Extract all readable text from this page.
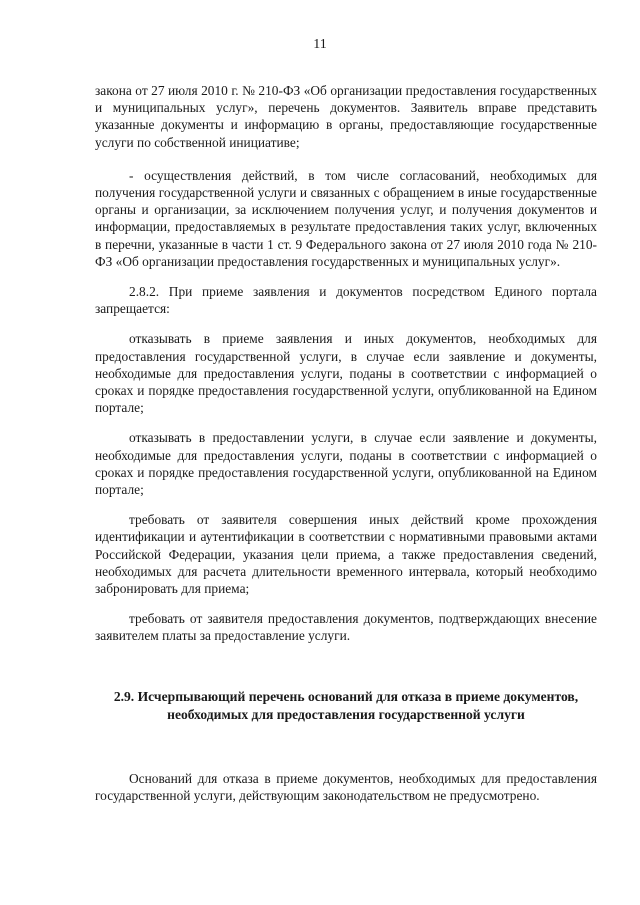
11

закона от 27 июля 2010 г. № 210-ФЗ «Об организации предоставления государственных и муниципальных услуг», перечень документов. Заявитель вправе представить указанные документы и информацию в органы, предоставляющие государственные услуги по собственной инициативе;

- осуществления действий, в том числе согласований, необходимых для получения государственной услуги и связанных с обращением в иные государственные органы и организации, за исключением получения услуг, и получения документов и информации, предоставляемых в результате предоставления таких услуг, включенных в перечни, указанные в части 1 ст. 9 Федерального закона от 27 июля 2010 года № 210-ФЗ «Об организации предоставления государственных и муниципальных услуг».

2.8.2. При приеме заявления и документов посредством Единого портала запрещается:

отказывать в приеме заявления и иных документов, необходимых для предоставления государственной услуги, в случае если заявление и документы, необходимые для предоставления услуги, поданы в соответствии с информацией о сроках и порядке предоставления государственной услуги, опубликованной на Едином портале;

отказывать в предоставлении услуги, в случае если заявление и документы, необходимые для предоставления услуги, поданы в соответствии с информацией о сроках и порядке предоставления государственной услуги, опубликованной на Едином портале;

требовать от заявителя совершения иных действий кроме прохождения идентификации и аутентификации в соответствии с нормативными правовыми актами Российской Федерации, указания цели приема, а также предоставления сведений, необходимых для расчета длительности временного интервала, который необходимо забронировать для приема;

требовать от заявителя предоставления документов, подтверждающих внесение заявителем платы за предоставление услуги.

2.9. Исчерпывающий перечень оснований для отказа в приеме документов, необходимых для предоставления государственной услуги

Оснований для отказа в приеме документов, необходимых для предоставления государственной услуги, действующим законодательством не предусмотрено.
